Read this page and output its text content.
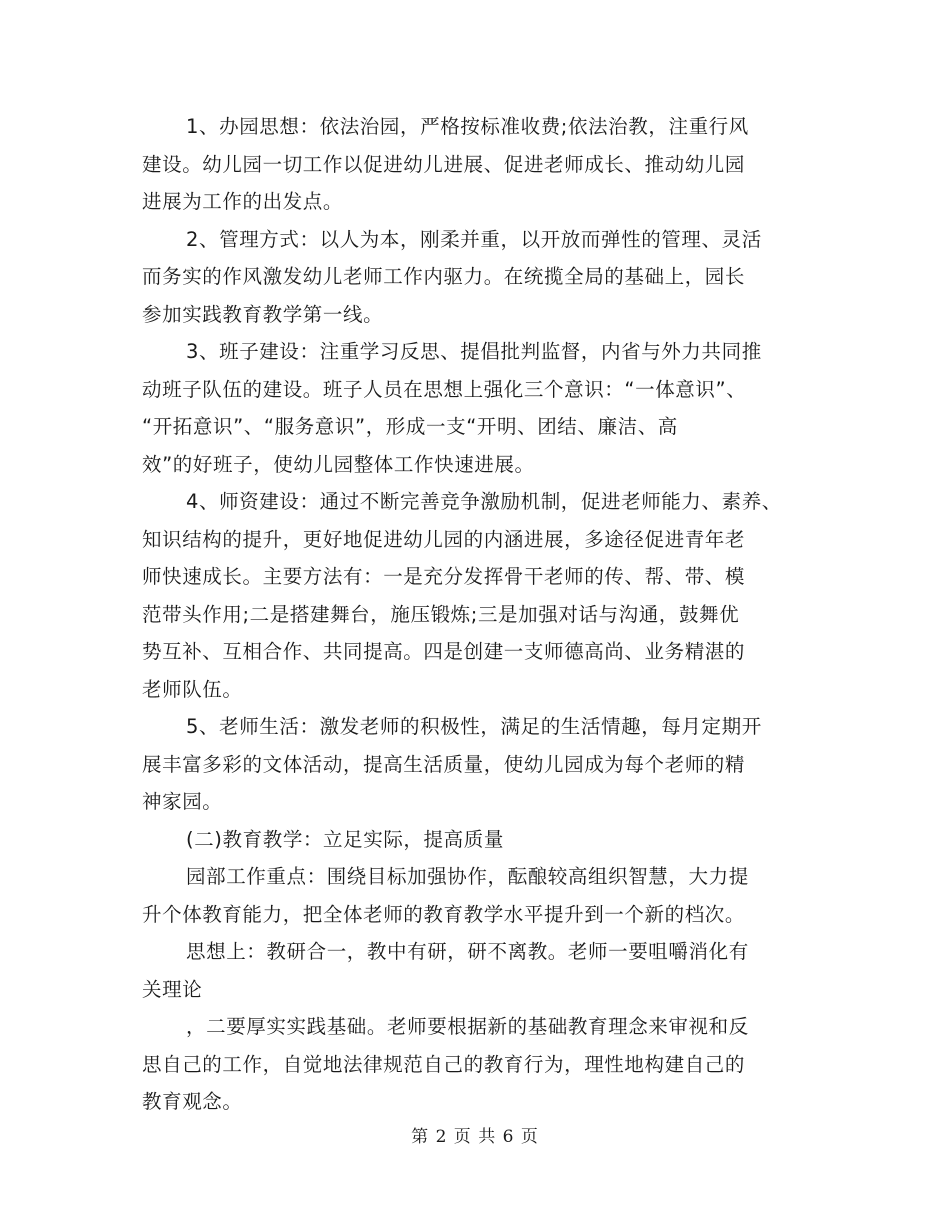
1、办园思想：依法治园，严格按标准收费;依法治教，注重行风
建设。幼儿园一切工作以促进幼儿进展、促进老师成长、推动幼儿园
进展为工作的出发点。
2、管理方式：以人为本，刚柔并重，以开放而弹性的管理、灵活
而务实的作风激发幼儿老师工作内驱力。在统揽全局的基础上，园长
参加实践教育教学第一线。
3、班子建设：注重学习反思、提倡批判监督，内省与外力共同推
动班子队伍的建设。班子人员在思想上强化三个意识：“一体意识”、
“开拓意识”、“服务意识”，形成一支“开明、团结、廉洁、高
效”的好班子，使幼儿园整体工作快速进展。
4、师资建设：通过不断完善竞争激励机制，促进老师能力、素养、
知识结构的提升，更好地促进幼儿园的内涵进展，多途径促进青年老
师快速成长。主要方法有：一是充分发挥骨干老师的传、帮、带、模
范带头作用;二是搭建舞台，施压锻炼;三是加强对话与沟通，鼓舞优
势互补、互相合作、共同提高。四是创建一支师德高尚、业务精湛的
老师队伍。
5、老师生活：激发老师的积极性，满足的生活情趣，每月定期开
展丰富多彩的文体活动，提高生活质量，使幼儿园成为每个老师的精
神家园。
(二)教育教学：立足实际，提高质量
园部工作重点：围绕目标加强协作，酝酿较高组织智慧，大力提
升个体教育能力，把全体老师的教育教学水平提升到一个新的档次。
思想上：教研合一，教中有研，研不离教。老师一要咀嚼消化有
关理论
，二要厚实实践基础。老师要根据新的基础教育理念来审视和反
思自己的工作，自觉地法律规范自己的教育行为，理性地构建自己的
教育观念。
第 2 页 共 6 页
